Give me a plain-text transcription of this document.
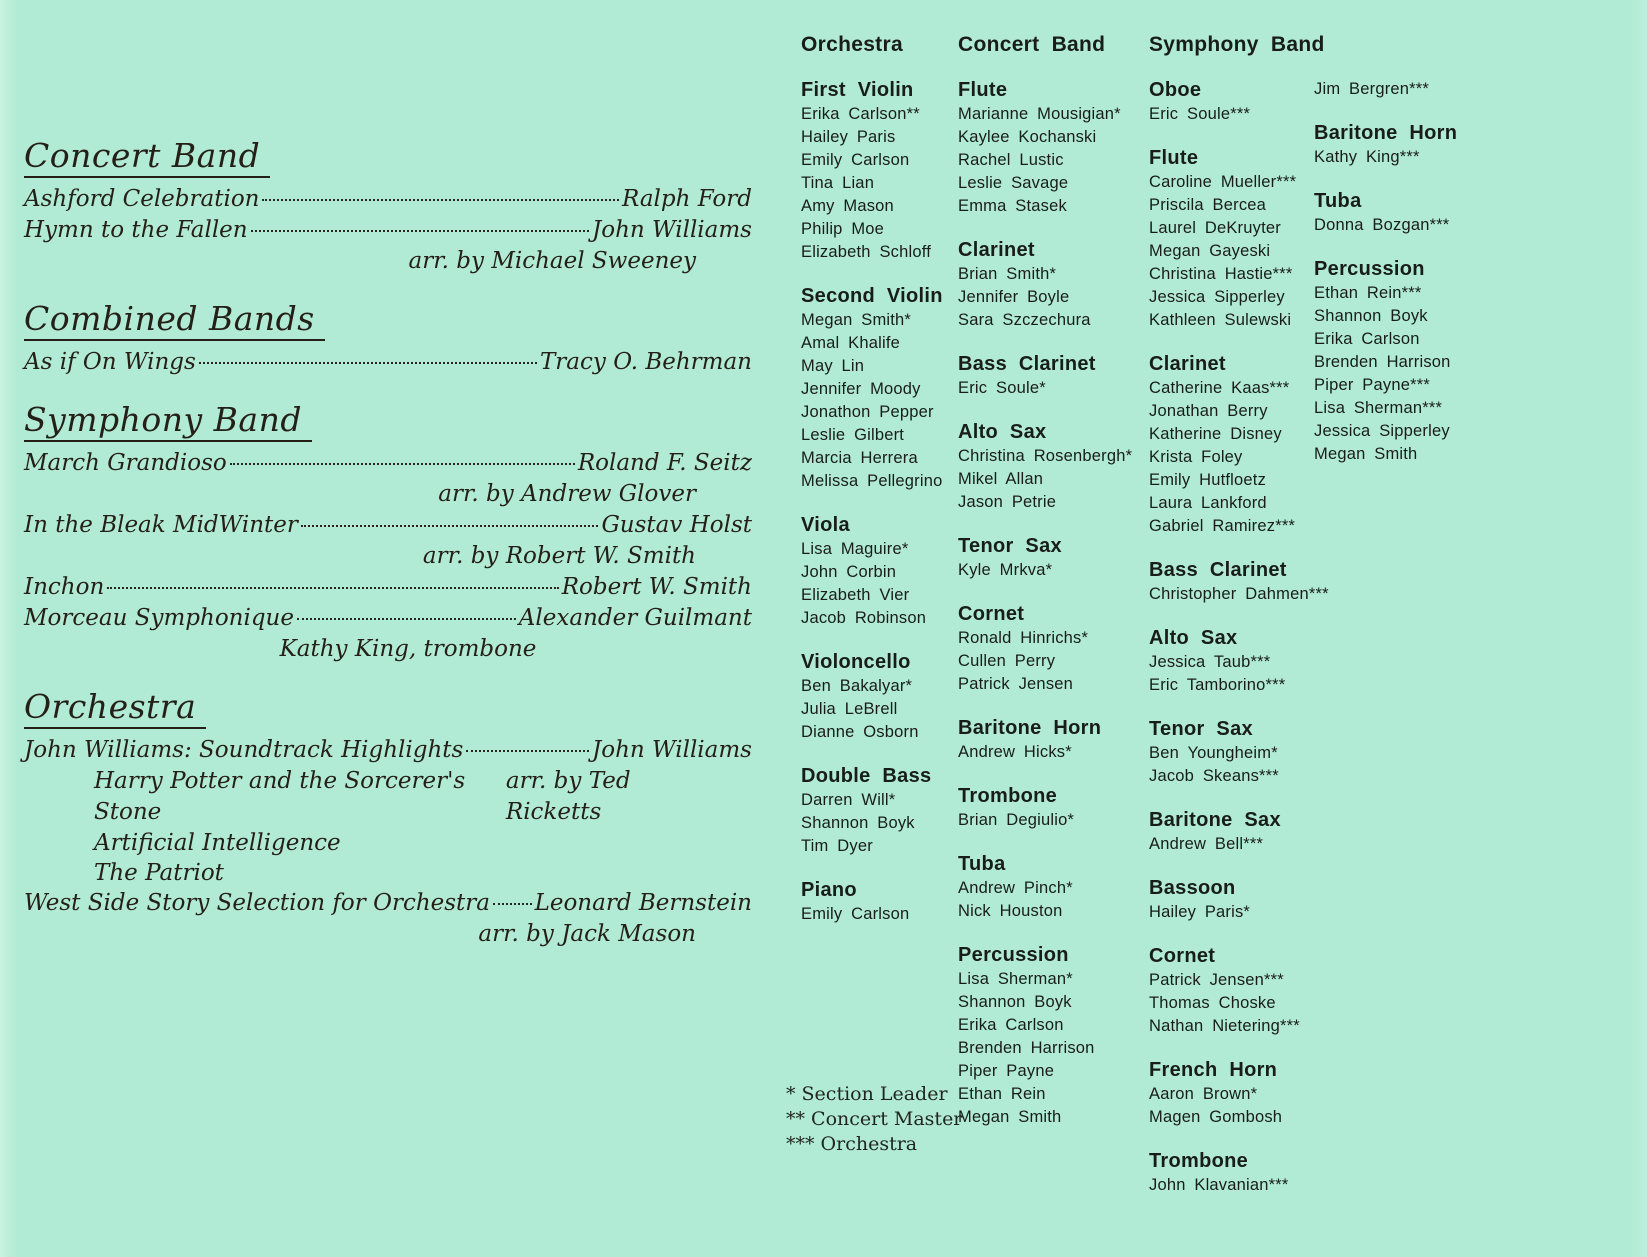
Concert Band
Ashford Celebration	Ralph Ford
Hymn to the Fallen	John Williams
arr. by Michael Sweeney
Combined Bands
As if On Wings	Tracy O. Behrman
Symphony Band
March Grandioso	Roland F. Seitz
arr. by Andrew Glover
In the Bleak MidWinter	Gustav Holst
arr. by Robert W. Smith
Inchon	Robert W. Smith
Morceau Symphonique	Alexander Guilmant
Kathy King, trombone
Orchestra
John Williams: Soundtrack Highlights	John Williams
Harry Potter and the Sorcerer's Stone
arr. by Ted Ricketts
Artificial Intelligence
The Patriot
West Side Story Selection for Orchestra Leonard Bernstein
arr. by Jack Mason
Orchestra
First Violin
Erika Carlson**
Hailey Paris
Emily Carlson
Tina Lian
Amy Mason
Philip Moe
Elizabeth Schloff
Second Violin
Megan Smith*
Amal Khalife
May Lin
Jennifer Moody
Jonathon Pepper
Leslie Gilbert
Marcia Herrera
Melissa Pellegrino
Viola
Lisa Maguire*
John Corbin
Elizabeth Vier
Jacob Robinson
Violoncello
Ben Bakalyar*
Julia LeBrell
Dianne Osborn
Double Bass
Darren Will*
Shannon Boyk
Tim Dyer
Piano
Emily Carlson
Concert Band
Flute
Marianne Mousigian*
Kaylee Kochanski
Rachel Lustic
Leslie Savage
Emma Stasek
Clarinet
Brian Smith*
Jennifer Boyle
Sara Szczechura
Bass Clarinet
Eric Soule*
Alto Sax
Christina Rosenbergh*
Mikel Allan
Jason Petrie
Tenor Sax
Kyle Mrkva*
Cornet
Ronald Hinrichs*
Cullen Perry
Patrick Jensen
Baritone Horn
Andrew Hicks*
Trombone
Brian Degiulio*
Tuba
Andrew Pinch*
Nick Houston
Percussion
Lisa Sherman*
Shannon Boyk
Erika Carlson
Brenden Harrison
Piper Payne
Ethan Rein
Megan Smith
Symphony Band
Oboe
Eric Soule***
Flute
Caroline Mueller***
Priscila Bercea
Laurel DeKruyter
Megan Gayeski
Christina Hastie***
Jessica Sipperley
Kathleen Sulewski
Clarinet
Catherine Kaas***
Jonathan Berry
Katherine Disney
Krista Foley
Emily Hutfloetz
Laura Lankford
Gabriel Ramirez***
Bass Clarinet
Christopher Dahmen***
Alto Sax
Jessica Taub***
Eric Tamborino***
Tenor Sax
Ben Youngheim*
Jacob Skeans***
Baritone Sax
Andrew Bell***
Bassoon
Hailey Paris*
Cornet
Patrick Jensen***
Thomas Choske
Nathan Nietering***
French Horn
Aaron Brown*
Magen Gombosh
Trombone
John Klavanian***

Jim Bergren***
Baritone Horn
Kathy King***
Tuba
Donna Bozgan***
Percussion
Ethan Rein***
Shannon Boyk
Erika Carlson
Brenden Harrison
Piper Payne***
Lisa Sherman***
Jessica Sipperley
Megan Smith
* Section Leader
** Concert Master
*** Orchestra
